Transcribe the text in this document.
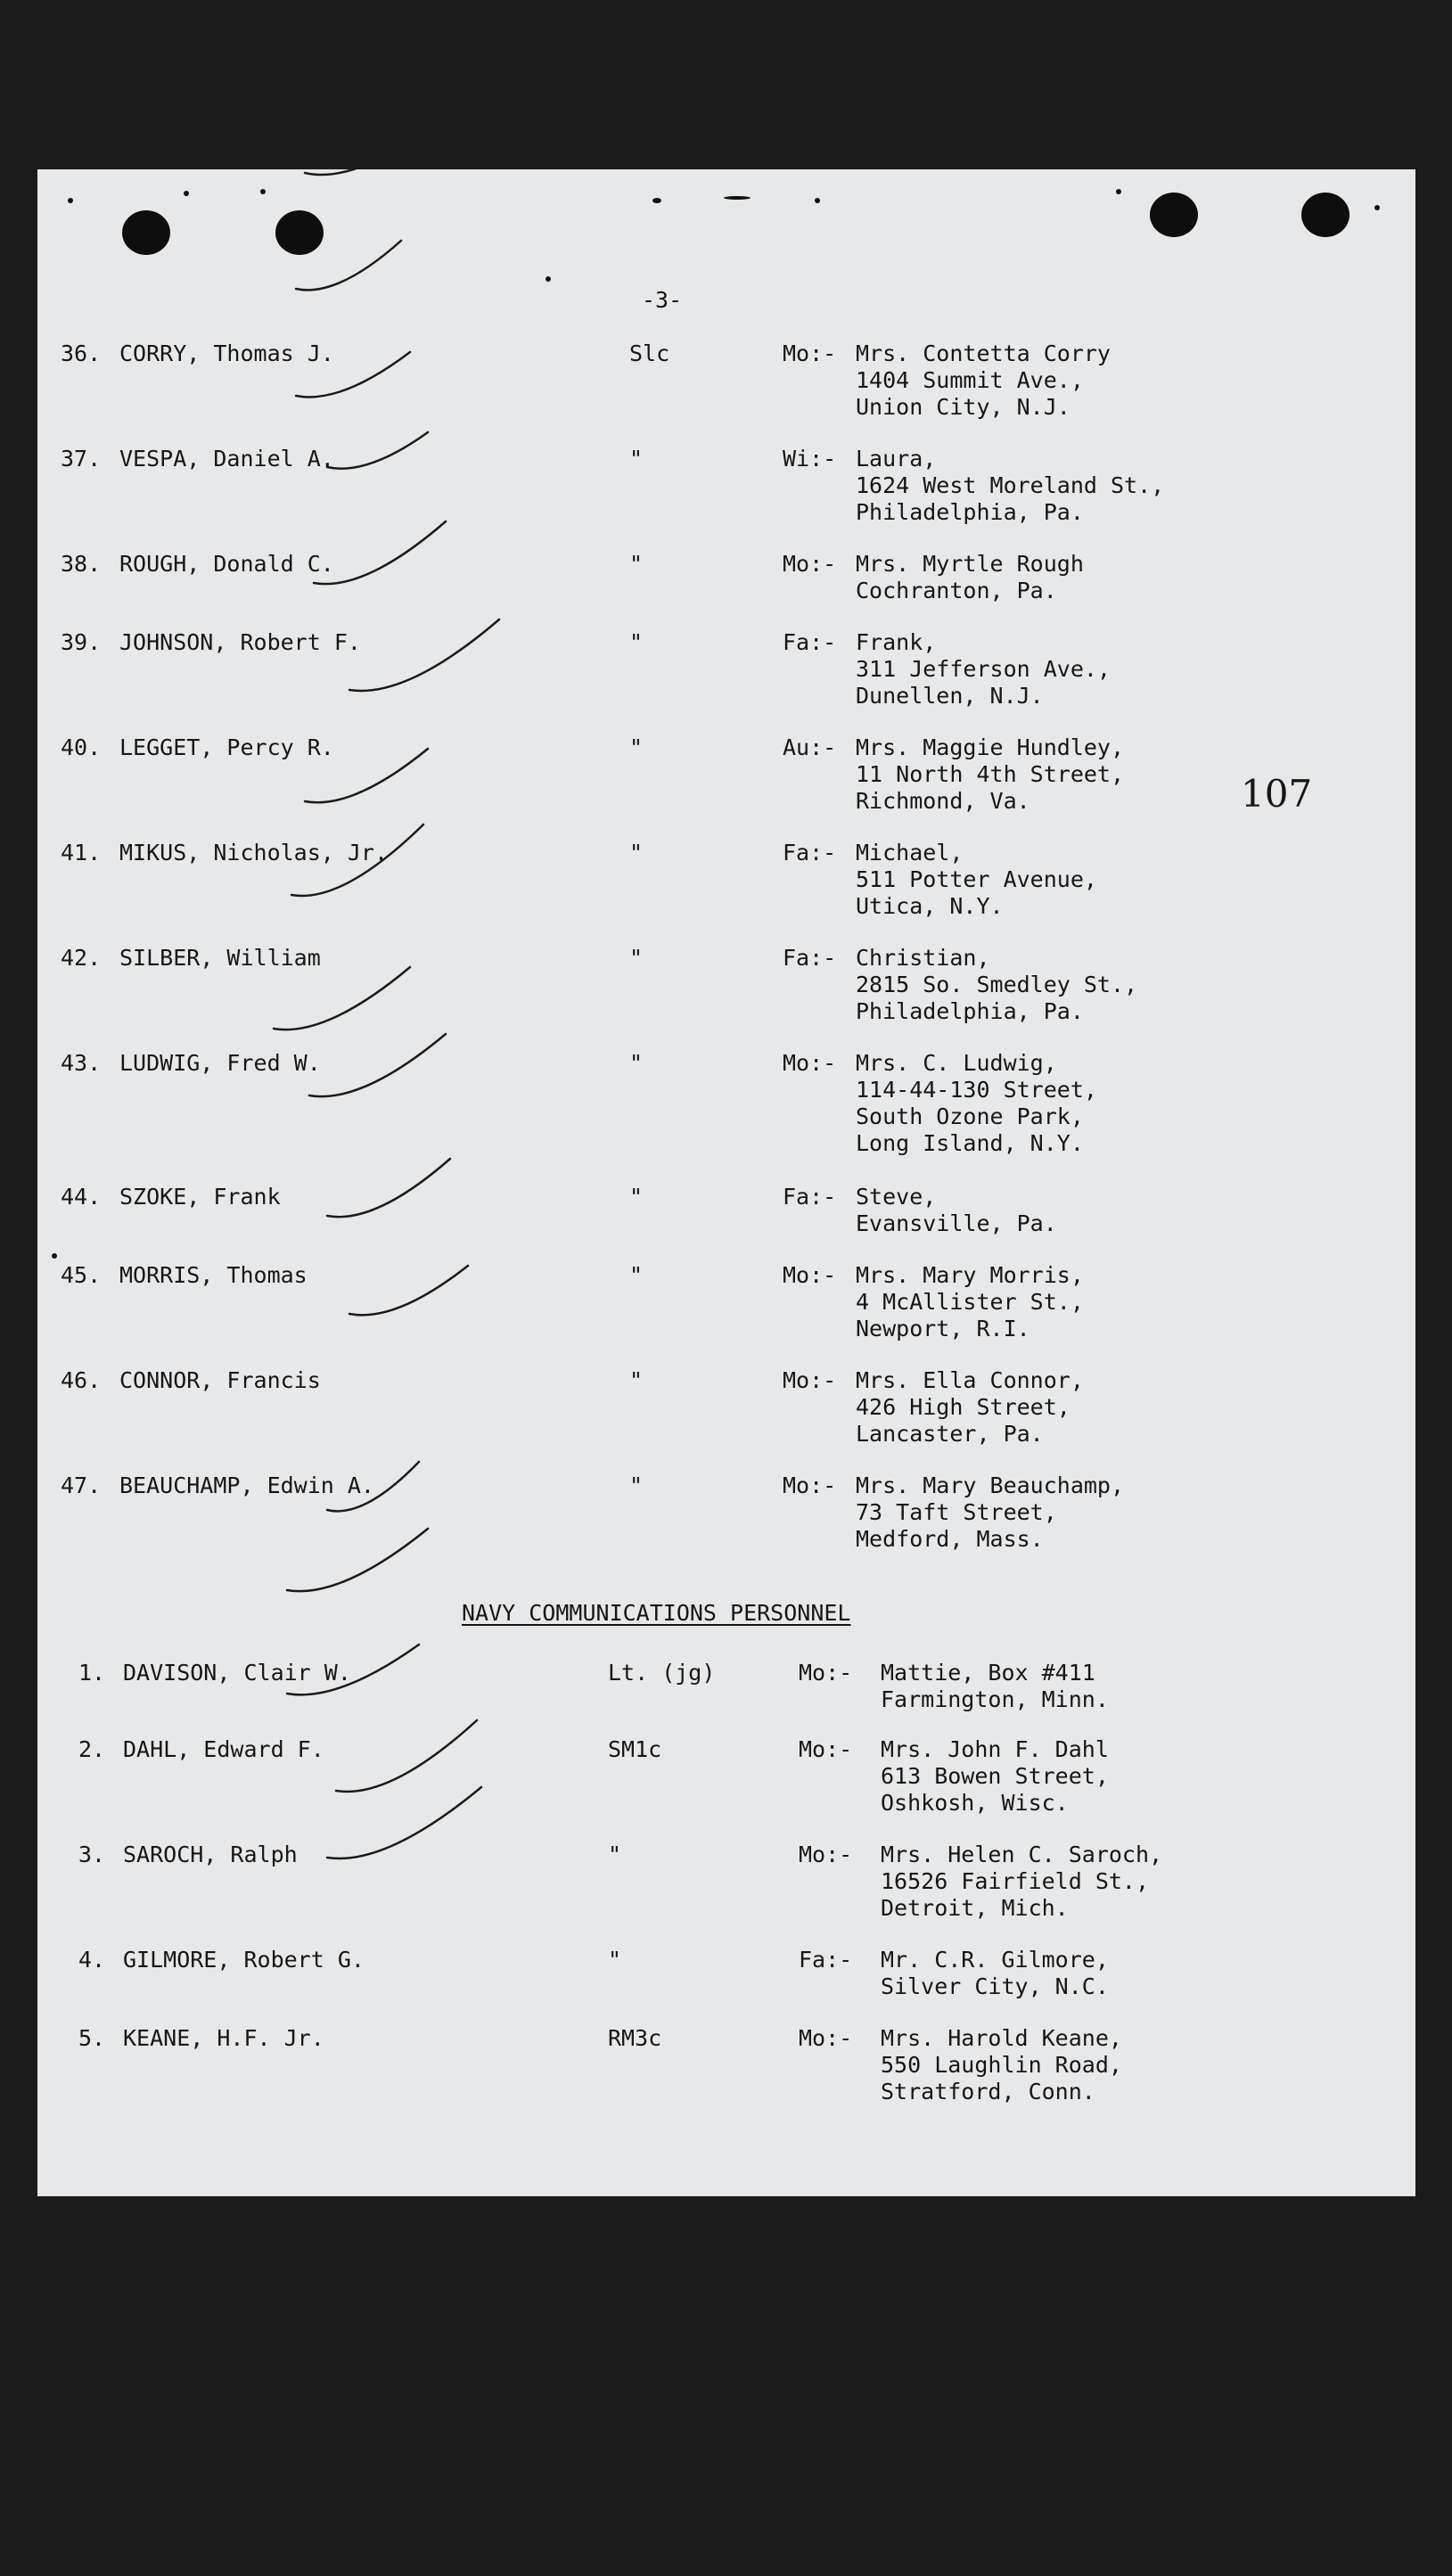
-3-
107
NAVY COMMUNICATIONS PERSONNEL
36. CORRY, Thomas J.	Slc	Mo:- Mrs. Contetta Corry
1404 Summit Ave.,
Union City, N.J.
37. VESPA, Daniel A.	"	Wi:- Laura,
1624 West Moreland St.,
Philadelphia, Pa.
38. ROUGH, Donald C.	"	Mo:- Mrs. Myrtle Rough
Cochranton, Pa.
39. JOHNSON, Robert F.	"	Fa:- Frank,
311 Jefferson Ave.,
Dunellen, N.J.
40. LEGGET, Percy R.	"	Au:- Mrs. Maggie Hundley,
11 North 4th Street,
Richmond, Va.
41. MIKUS, Nicholas, Jr.	"	Fa:- Michael,
511 Potter Avenue,
Utica, N.Y.
42. SILBER, William	"	Fa:- Christian,
2815 So. Smedley St.,
Philadelphia, Pa.
43. LUDWIG, Fred W.	"	Mo:- Mrs. C. Ludwig,
114-44-130 Street,
South Ozone Park,
Long Island, N.Y.
44. SZOKE, Frank	"	Fa:- Steve,
Evansville, Pa.
45. MORRIS, Thomas	"	Mo:- Mrs. Mary Morris,
4 McAllister St.,
Newport, R.I.
46. CONNOR, Francis	"	Mo:- Mrs. Ella Connor,
426 High Street,
Lancaster, Pa.
47. BEAUCHAMP, Edwin A.	"	Mo:- Mrs. Mary Beauchamp,
73 Taft Street,
Medford, Mass.
1. DAVISON, Clair W.	Lt. (jg)	Mo:- Mattie, Box #411
Farmington, Minn.
2. DAHL, Edward F.	SM1c	Mo:- Mrs. John F. Dahl
613 Bowen Street,
Oshkosh, Wisc.
3. SAROCH, Ralph	"	Mo:- Mrs. Helen C. Saroch,
16526 Fairfield St.,
Detroit, Mich.
4. GILMORE, Robert G.	"	Fa:- Mr. C.R. Gilmore,
Silver City, N.C.
5. KEANE, H.F. Jr.	RM3c	Mo:- Mrs. Harold Keane,
550 Laughlin Road,
Stratford, Conn.
